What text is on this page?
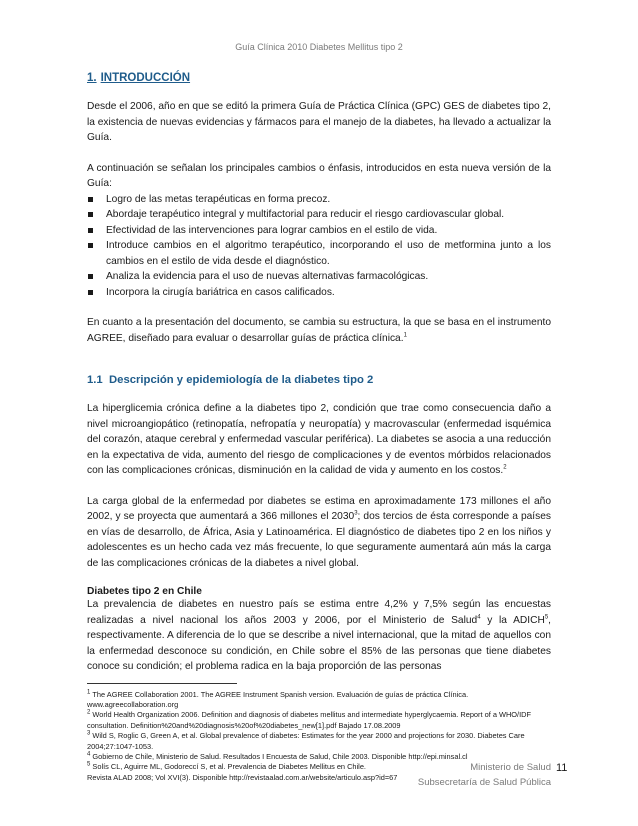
Guía Clínica 2010 Diabetes Mellitus tipo 2
1. INTRODUCCIÓN

Desde el 2006, año en que se editó la primera Guía de Práctica Clínica (GPC) GES de diabetes tipo 2, la existencia de nuevas evidencias y fármacos para el manejo de la diabetes, ha llevado a actualizar la Guía.

A continuación se señalan los principales cambios o énfasis, introducidos en esta nueva versión de la Guía:

Logro de las metas terapéuticas en forma precoz.
Abordaje terapéutico integral y multifactorial para reducir el riesgo cardiovascular global.
Efectividad de las intervenciones para lograr cambios en el estilo de vida.
Introduce cambios en el algoritmo terapéutico, incorporando el uso de metformina junto a los cambios en el estilo de vida desde el diagnóstico.
Analiza la evidencia para el uso de nuevas alternativas farmacológicas.
Incorpora la cirugía bariátrica en casos calificados.

En cuanto a la presentación del documento, se cambia su estructura, la que se basa en el instrumento AGREE, diseñado para evaluar o desarrollar guías de práctica clínica.$^1$

1.1 Descripción y epidemiología de la diabetes tipo 2

La hiperglicemia crónica define a la diabetes tipo 2, condición que trae como consecuencia daño a nivel microangiopático (retinopatía, nefropatía y neuropatía) y macrovascular (enfermedad isquémica del corazón, ataque cerebral y enfermedad vascular periférica). La diabetes se asocia a una reducción en la expectativa de vida, aumento del riesgo de complicaciones y de eventos mórbidos relacionados con las complicaciones crónicas, disminución en la calidad de vida y aumento en los costos.$^2$

La carga global de la enfermedad por diabetes se estima en aproximadamente 173 millones el año 2002, y se proyecta que aumentará a 366 millones el 2030$^3$; dos tercios de ésta corresponde a países en vías de desarrollo, de África, Asia y Latinoamérica. El diagnóstico de diabetes tipo 2 en los niños y adolescentes es un hecho cada vez más frecuente, lo que seguramente aumentará aún más la carga de las complicaciones crónicas de la diabetes a nivel global.

Diabetes tipo 2 en Chile

La prevalencia de diabetes en nuestro país se estima entre 4,2% y 7,5% según las encuestas realizadas a nivel nacional los años 2003 y 2006, por el Ministerio de Salud$^4$ y la ADICH$^5$, respectivamente. A diferencia de lo que se describe a nivel internacional, que la mitad de aquellos con la enfermedad desconoce su condición, en Chile sobre el 85% de las personas que tiene diabetes conoce su condición; el problema radica en la baja proporción de las personas

$^1$ The AGREE Collaboration 2001. The AGREE Instrument Spanish version. Evaluación de guías de práctica Clínica. www.agreecollaboration.org

$^2$ World Health Organization 2006. Definition and diagnosis of diabetes mellitus and intermediate hyperglycaemia. Report of a WHO/IDF consultation. Definition%20and%20diagnosis%20of%20diabetes_new[1].pdf Bajado 17.08.2009

$^3$ Wild S, Roglic G, Green A, et al. Global prevalence of diabetes: Estimates for the year 2000 and projections for 2030. Diabetes Care 2004;27:1047-1053.

$^4$ Gobierno de Chile, Ministerio de Salud. Resultados I Encuesta de Salud, Chile 2003. Disponible http://epi.minsal.cl

$^5$ Solís CL, Aguirre ML, Godoreccí S, et al. Prevalencia de Diabetes Mellitus en Chile.

Revista ALAD 2008; Vol XVI(3). Disponible http://revistaalad.com.ar/website/articulo.asp?id=67

Ministerio de Salud
Subsecretaría de Salud Pública
11
